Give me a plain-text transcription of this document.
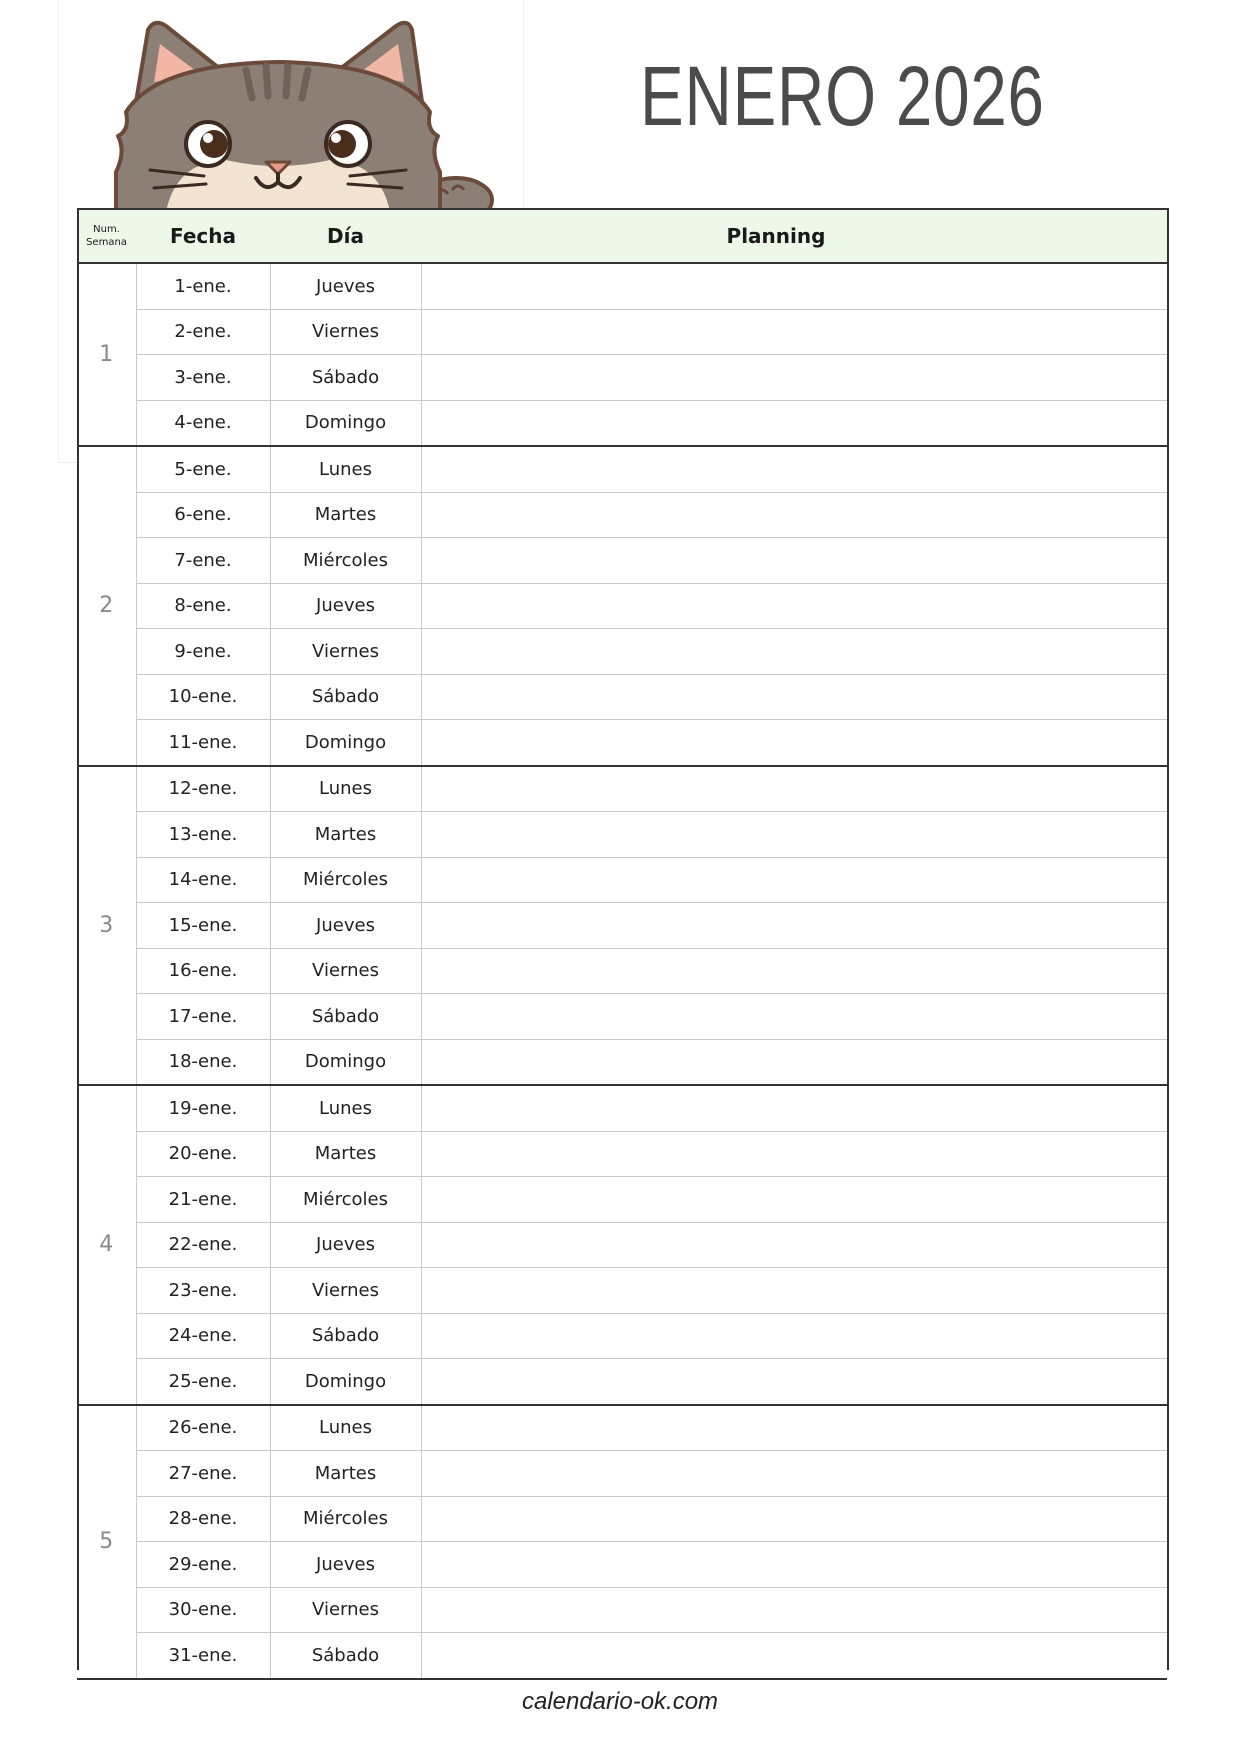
ENERO 2026
Num.
Semana	Fecha	Día	Planning
1	1-ene.	Jueves	
	2-ene.	Viernes	
	3-ene.	Sábado	
	4-ene.	Domingo	
2	5-ene.	Lunes	
	6-ene.	Martes	
	7-ene.	Miércoles	
	8-ene.	Jueves	
	9-ene.	Viernes	
	10-ene.	Sábado	
	11-ene.	Domingo	
3	12-ene.	Lunes	
	13-ene.	Martes	
	14-ene.	Miércoles	
	15-ene.	Jueves	
	16-ene.	Viernes	
	17-ene.	Sábado	
	18-ene.	Domingo	
4	19-ene.	Lunes	
	20-ene.	Martes	
	21-ene.	Miércoles	
	22-ene.	Jueves	
	23-ene.	Viernes	
	24-ene.	Sábado	
	25-ene.	Domingo	
5	26-ene.	Lunes	
	27-ene.	Martes	
	28-ene.	Miércoles	
	29-ene.	Jueves	
	30-ene.	Viernes	
	31-ene.	Sábado	
calendario-ok.com
